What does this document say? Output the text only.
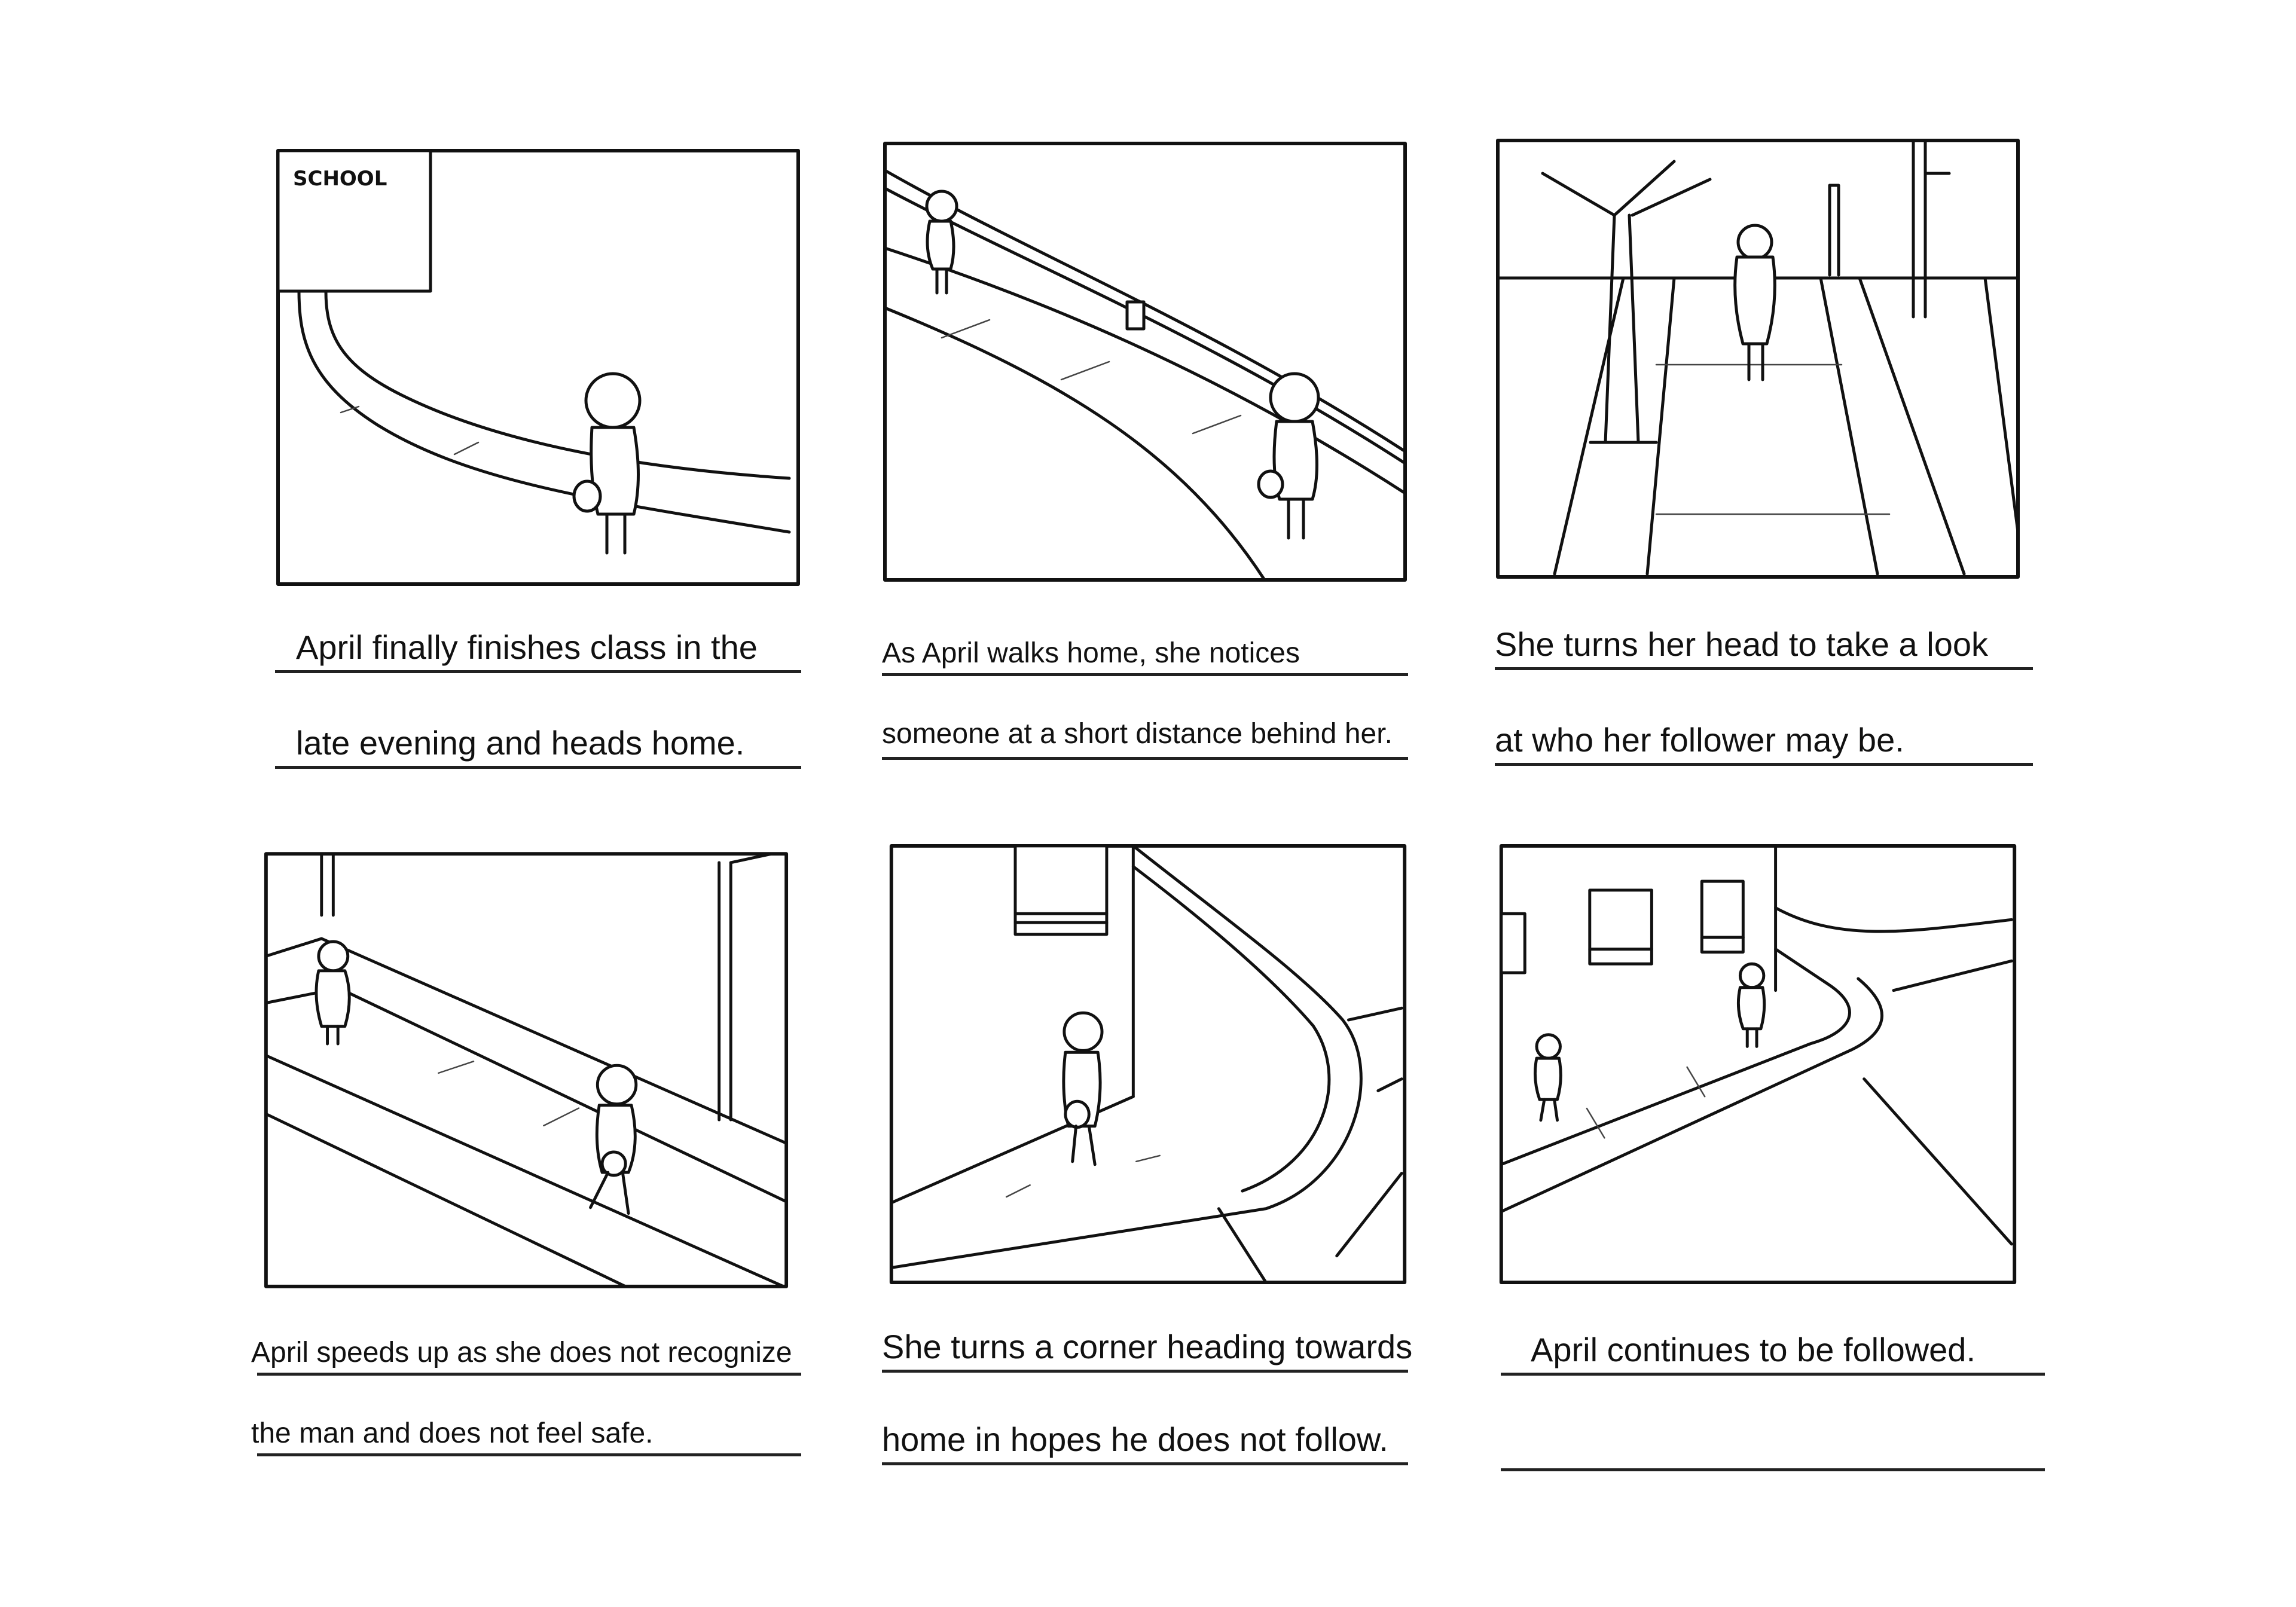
SCHOOL
April finally finishes class in the
late evening and heads home.
As April walks home, she notices
someone at a short distance behind her.
She turns her head to take a look
at who her follower may be.
April speeds up as she does not recognize
the man and does not feel safe.
She turns a corner heading towards
home in hopes he does not follow.
April continues to be followed.
